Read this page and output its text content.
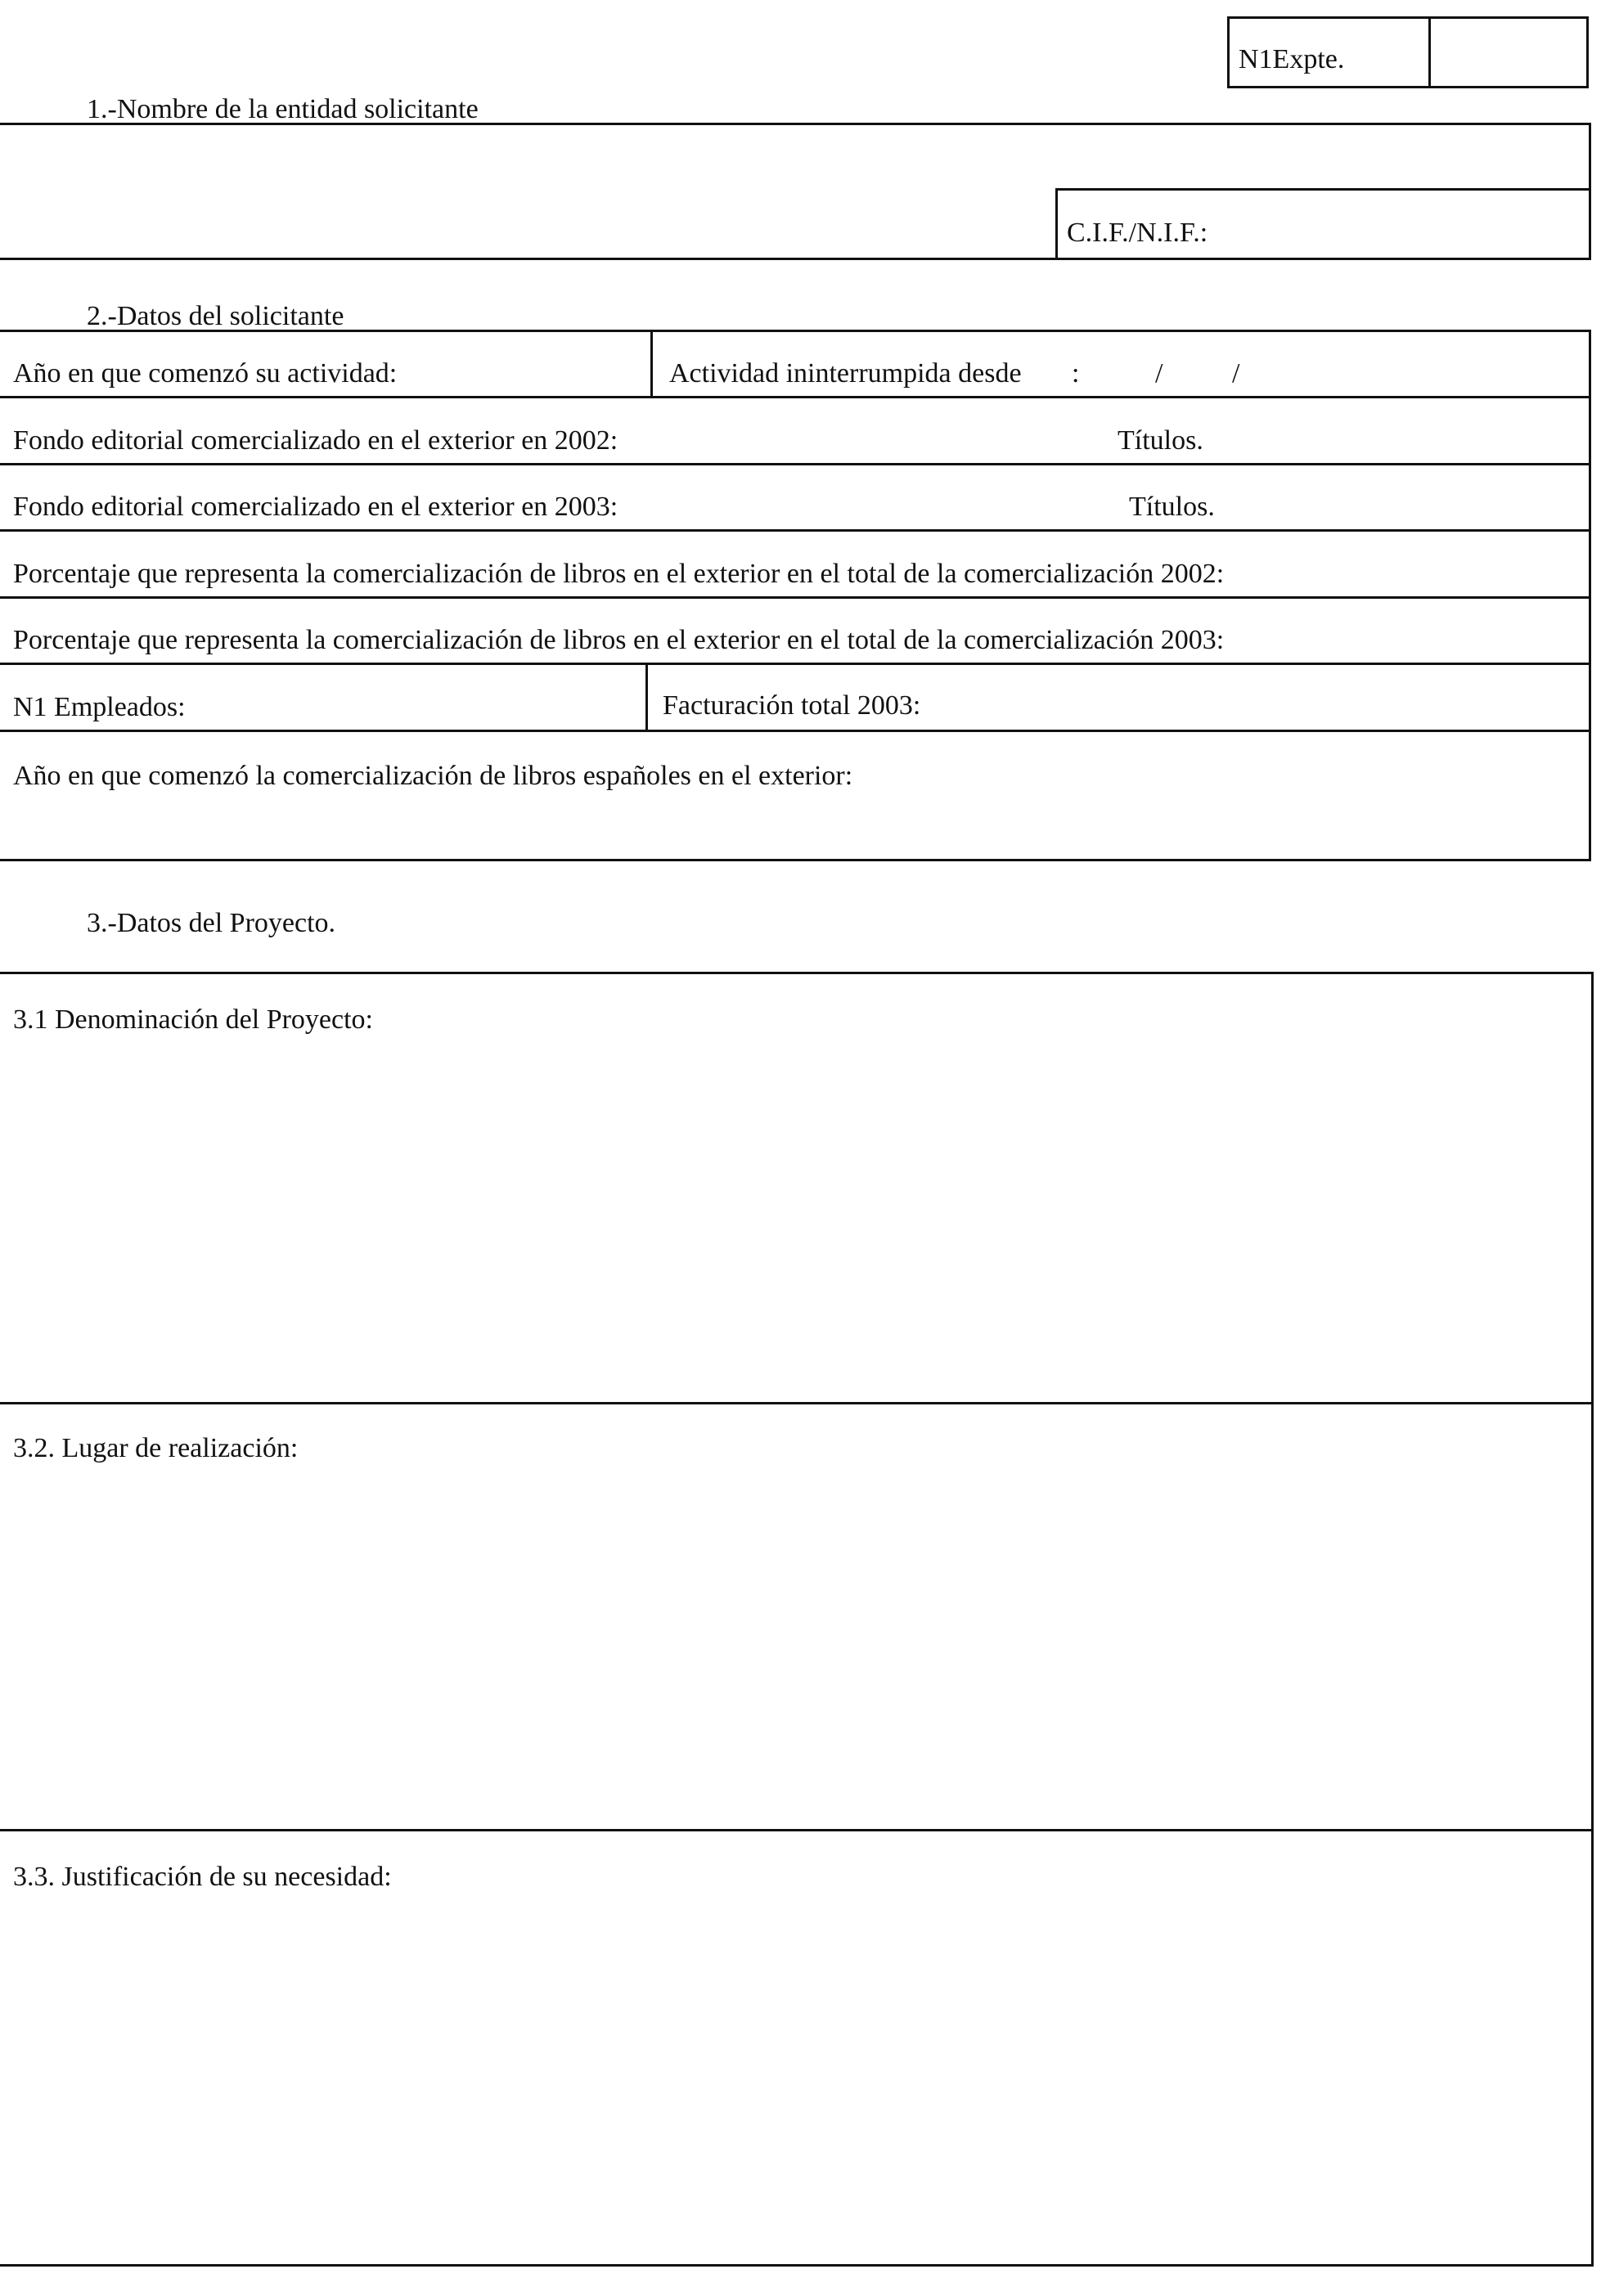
N1Expte.
1.-Nombre de la entidad solicitante
C.I.F./N.I.F.:
2.-Datos del solicitante
Año en que comenzó su actividad:	Actividad ininterrumpida desde :	/ /
Fondo editorial comercializado en el exterior en 2002:	Títulos.
Fondo editorial comercializado en el exterior en 2003:	Títulos.
Porcentaje que representa la comercialización de libros en el exterior en el total de la comercialización 2002:
Porcentaje que representa la comercialización de libros en el exterior en el total de la comercialización 2003:
N1 Empleados:	Facturación total 2003:
Año en que comenzó la comercialización de libros españoles en el exterior:
3.-Datos del Proyecto.
3.1 Denominación del Proyecto:
3.2. Lugar de realización:
3.3. Justificación de su necesidad:
